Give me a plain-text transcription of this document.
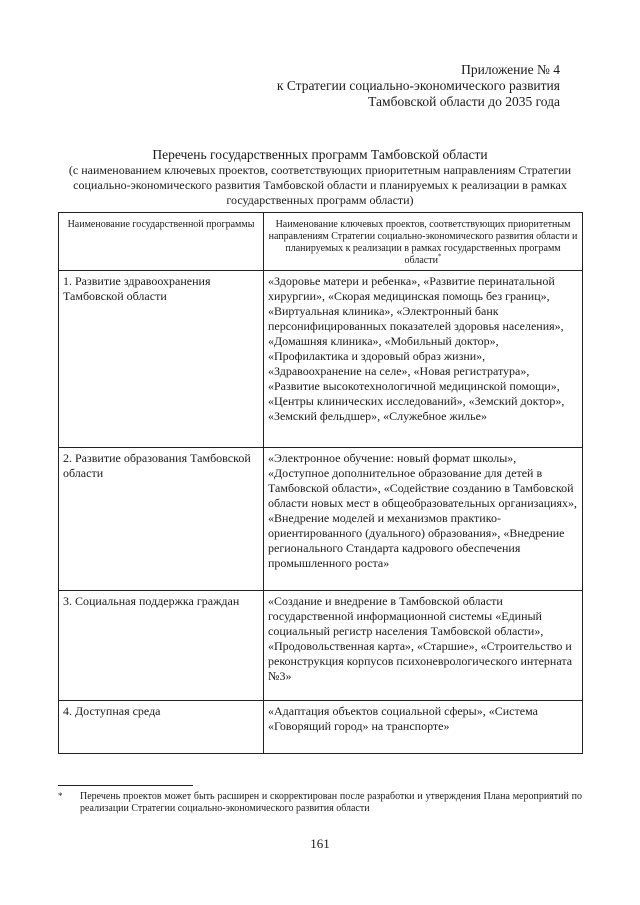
Приложение № 4
к Стратегии социально-экономического развития
Тамбовской области до 2035 года
Перечень государственных программ Тамбовской области
(с наименованием ключевых проектов, соответствующих приоритетным направлениям Стратегии социально-экономического развития Тамбовской области и планируемых к реализации в рамках государственных программ области)
Наименование государственной программы	Наименование ключевых проектов, соответствующих приоритетным направлениям Стратегии социально-экономического развития области и планируемых к реализации в рамках государственных программ области*
1. Развитие здравоохранения Тамбовской области	«Здоровье матери и ребенка», «Развитие перинатальной хирургии», «Скорая медицинская помощь без границ», «Виртуальная клиника», «Электронный банк персонифицированных показателей здоровья населения», «Домашняя клиника», «Мобильный доктор», «Профилактика и здоровый образ жизни», «Здравоохранение на селе», «Новая регистратура», «Развитие высокотехнологичной медицинской помощи», «Центры клинических исследований», «Земский доктор», «Земский фельдшер», «Служебное жилье»
2. Развитие образования Тамбовской области	«Электронное обучение: новый формат школы», «Доступное дополнительное образование для детей в Тамбовской области», «Содействие созданию в Тамбовской области новых мест в общеобразовательных организациях», «Внедрение моделей и механизмов практико-ориентированного (дуального) образования», «Внедрение регионального Стандарта кадрового обеспечения промышленного роста»
3. Социальная поддержка граждан	«Создание и внедрение в Тамбовской области государственной информационной системы «Единый социальный регистр населения Тамбовской области», «Продовольственная карта», «Старшие», «Строительство и реконструкция корпусов психоневрологического интерната №3»
4. Доступная среда	«Адаптация объектов социальной сферы», «Система «Говорящий город» на транспорте»
*	Перечень проектов может быть расширен и скорректирован после разработки и утверждения Плана мероприятий по реализации Стратегии социально-экономического развития области
161
